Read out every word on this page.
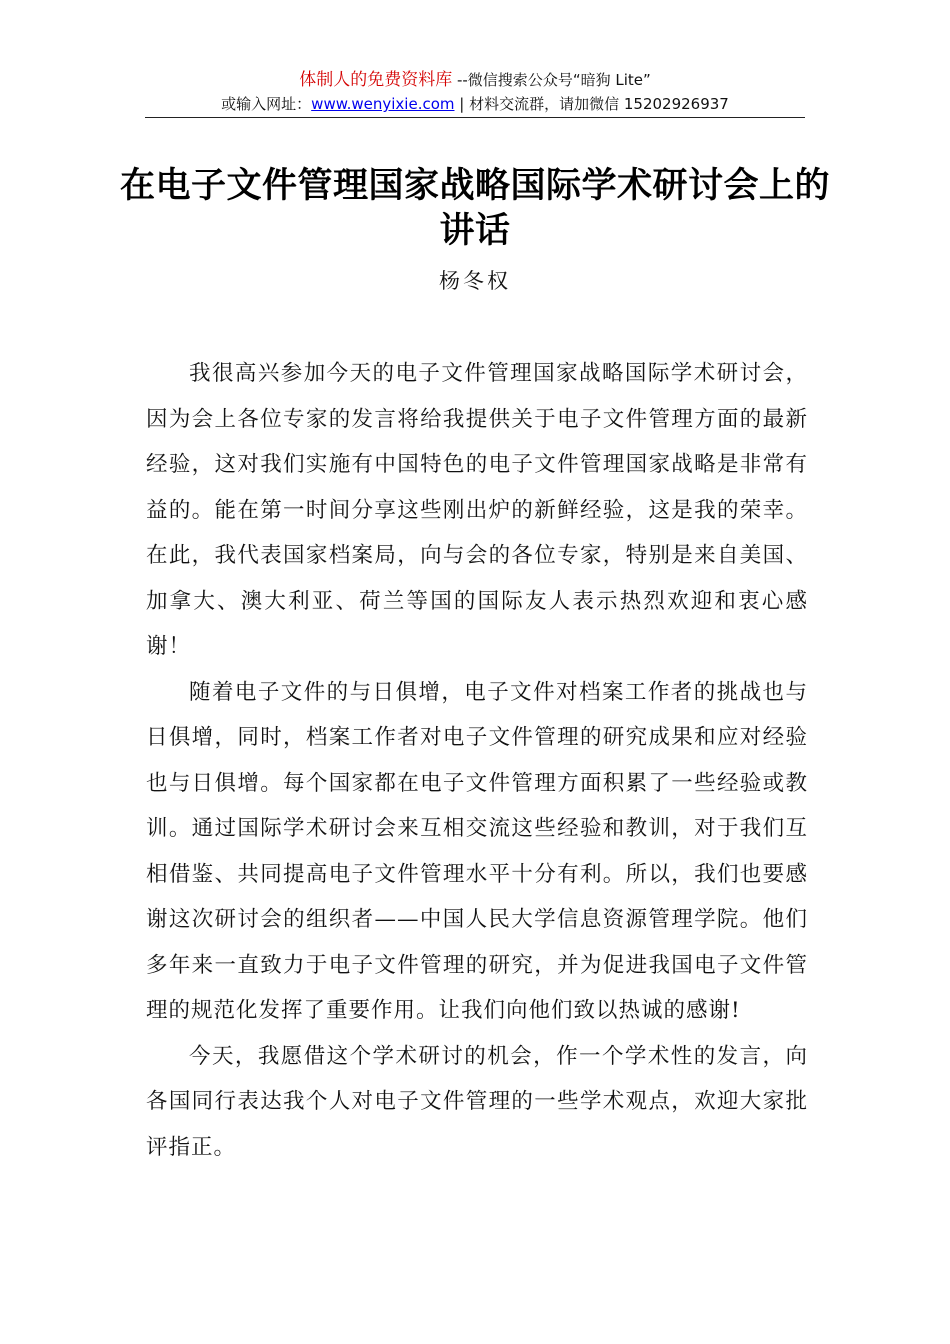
体制人的免费资料库 --微信搜索公众号“暗狗 Lite”
或输入网址：www.wenyixie.com | 材料交流群，请加微信 15202926937
在电子文件管理国家战略国际学术研讨会上的讲话
杨冬权

我很高兴参加今天的电子文件管理国家战略国际学术研讨会，因为会上各位专家的发言将给我提供关于电子文件管理方面的最新经验，这对我们实施有中国特色的电子文件管理国家战略是非常有益的。能在第一时间分享这些刚出炉的新鲜经验，这是我的荣幸。在此，我代表国家档案局，向与会的各位专家，特别是来自美国、加拿大、澳大利亚、荷兰等国的国际友人表示热烈欢迎和衷心感谢！

随着电子文件的与日俱增，电子文件对档案工作者的挑战也与日俱增，同时，档案工作者对电子文件管理的研究成果和应对经验也与日俱增。每个国家都在电子文件管理方面积累了一些经验或教训。通过国际学术研讨会来互相交流这些经验和教训，对于我们互相借鉴、共同提高电子文件管理水平十分有利。所以，我们也要感谢这次研讨会的组织者——中国人民大学信息资源管理学院。他们多年来一直致力于电子文件管理的研究，并为促进我国电子文件管理的规范化发挥了重要作用。让我们向他们致以热诚的感谢!

今天，我愿借这个学术研讨的机会，作一个学术性的发言，向各国同行表达我个人对电子文件管理的一些学术观点，欢迎大家批评指正。
